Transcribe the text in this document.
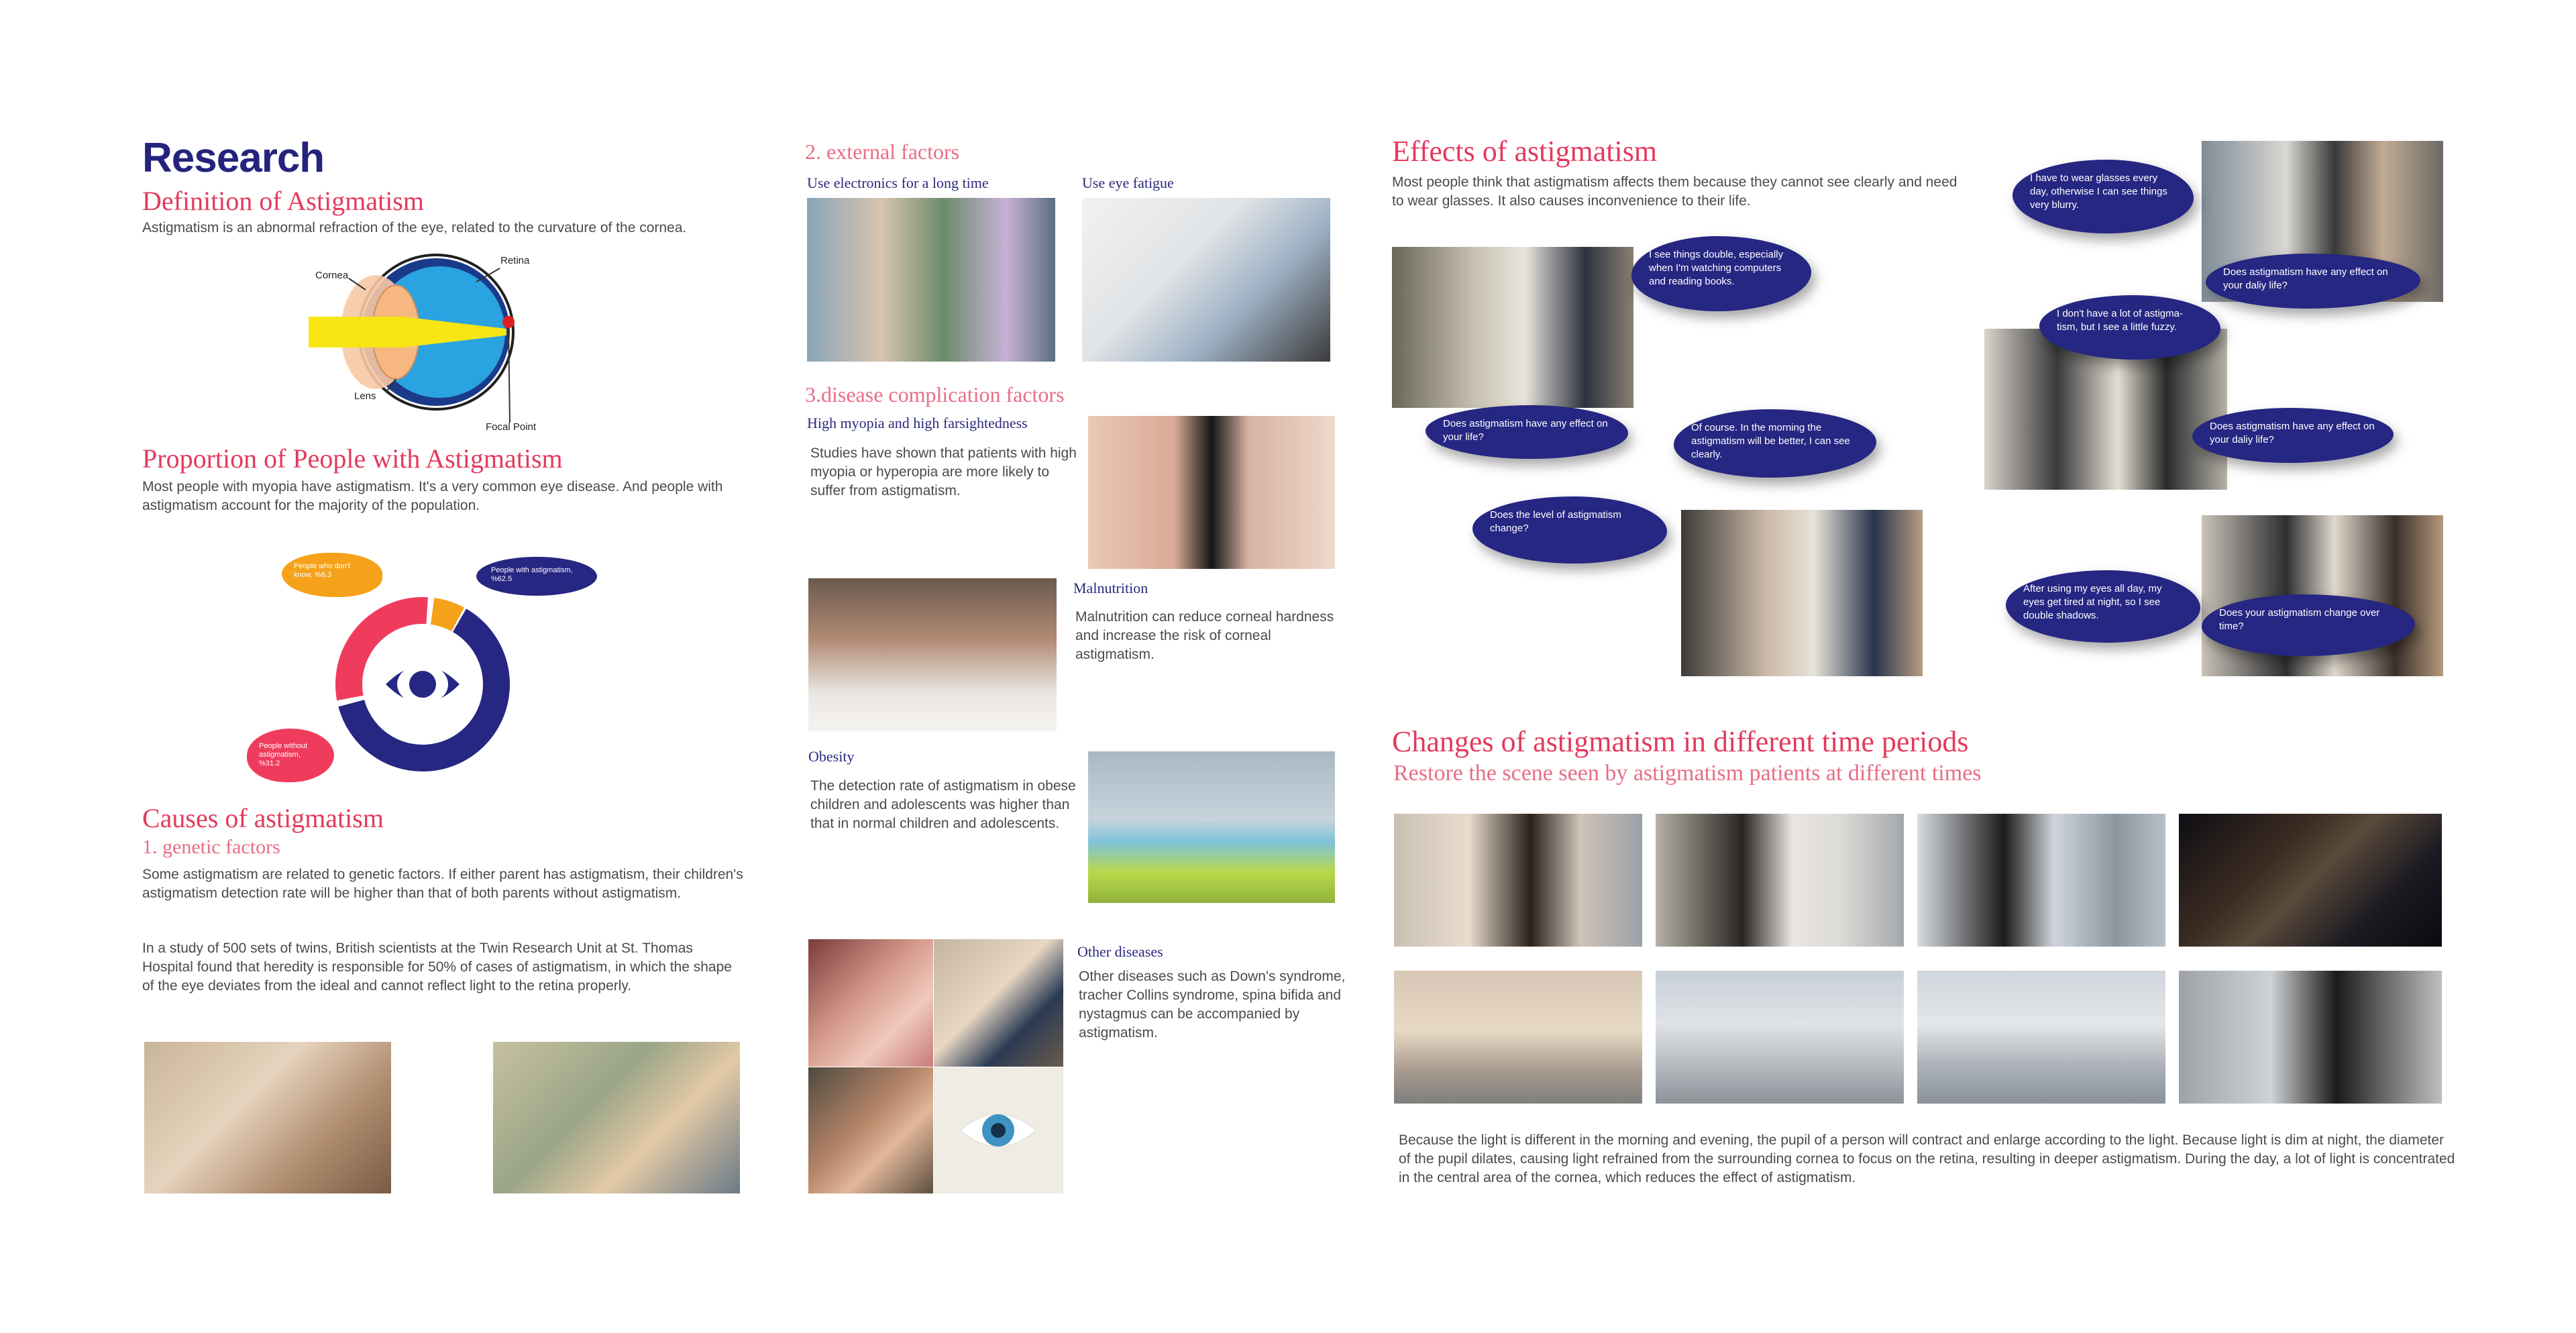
Research
Definition of Astigmatism
Astigmatism is an abnormal refraction of the eye, related to the curvature of the cornea.
Cornea
Retina
Lens
Focal Point
Proportion of People with Astigmatism
Most people with myopia have astigmatism. It's a very common eye disease. And people with astigmatism account for the majority of the population.
People who don't know, %6.3
People with astigmatism, %62.5
People without astigmatism, %31.2
Causes of astigmatism
1. genetic factors
Some astigmatism are related to genetic factors. If either parent has astigmatism, their children's astigmatism detection rate will be higher than that of both parents without astigmatism.
In a study of 500 sets of twins, British scientists at the Twin Research Unit at St. Thomas Hospital found that heredity is responsible for 50% of cases of astigmatism, in which the shape of the eye deviates from the ideal and cannot reflect light to the retina properly.
2. external factors
Use electronics for a long time	Use eye fatigue
3.disease complication factors
High myopia and high farsightedness
Studies have shown that patients with high myopia or hyperopia are more likely to suffer from astigmatism.
Malnutrition
Malnutrition can reduce corneal hardness and increase the risk of corneal astigmatism.
Obesity
The detection rate of astigmatism in obese children and adolescents was higher than that in normal children and adolescents.
Other diseases
Other diseases such as Down's syndrome, tracher Collins syndrome, spina bifida and nystagmus can be accompanied by astigmatism.
Effects of astigmatism
Most people think that astigmatism affects them because they cannot see clearly and need to wear glasses. It also causes inconvenience to their life.
I see things double, especially when I'm watching computers and reading books.
Does astigmatism have any effect on your life?
Of course. In the morning the astigmatism will be better, I can see clearly.
Does the level of astigmatism change?
I have to wear glasses every day, otherwise I can see things very blurry.
Does astigmatism have any effect on your daliy life?
I don't have a lot of astigma-tism, but I see a little fuzzy.
Does astigmatism have any effect on your daliy life?
After using my eyes all day, my eyes get tired at night, so I see double shadows.	Does your astigmatism change over time?
Changes of astigmatism in different time periods
Restore the scene seen by astigmatism patients at different times
Because the light is different in the morning and evening, the pupil of a person will contract and enlarge according to the light. Because light is dim at night, the diameter of the pupil dilates, causing light refrained from the surrounding cornea to focus on the retina, resulting in deeper astigmatism. During the day, a lot of light is concentrated in the central area of the cornea, which reduces the effect of astigmatism.
